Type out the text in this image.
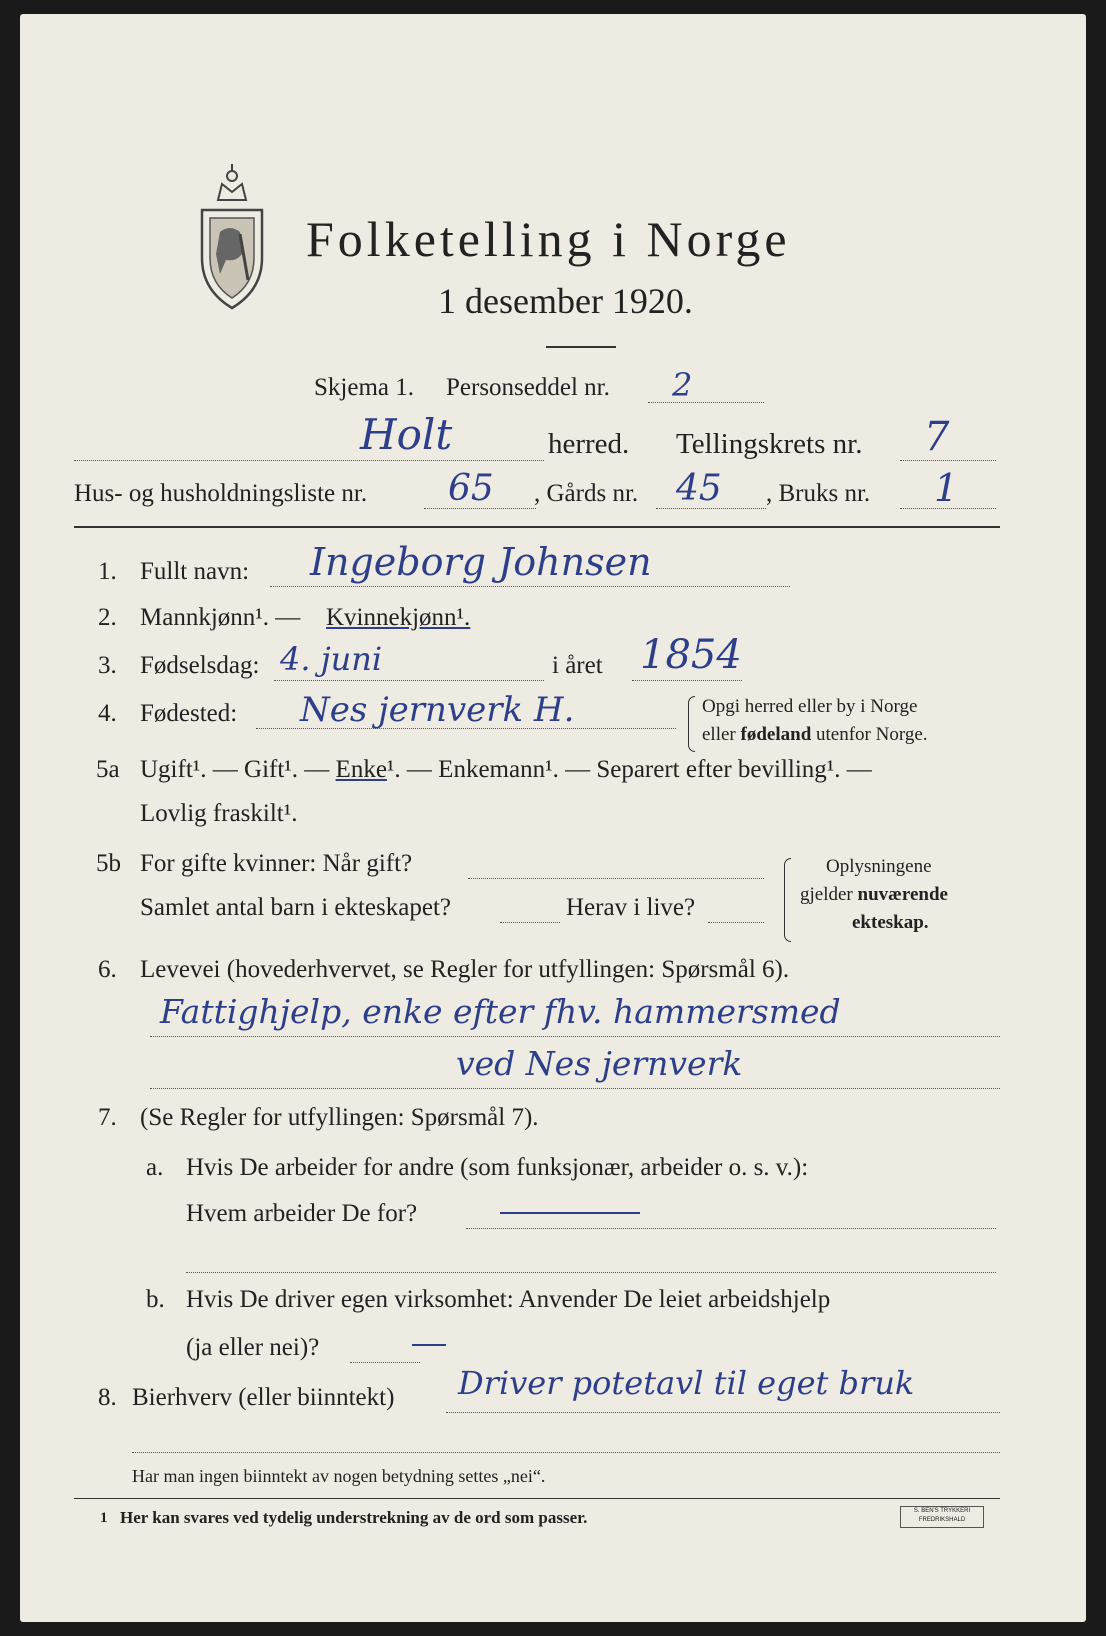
Folketelling i Norge
1 desember 1920.
Skjema 1. Personseddel nr. 2
Holt	herred. Tellingskrets nr. 7
Hus- og husholdningsliste nr. 65 , Gårds nr. 45 , Bruks nr. 1
1. Fullt navn: Ingeborg Johnsen
2. Mannkjønn¹. — Kvinnekjønn¹.
3. Fødselsdag: 4. juni	i året 1854
4. Fødested: Nes jernverk H.	Opgi herred eller by i Norge
eller fødeland utenfor Norge.
5a Ugift¹. — Gift¹. — Enke¹. — Enkemann¹. — Separert efter bevilling¹. —
Lovlig fraskilt¹.
5b For gifte kvinner: Når gift?
Samlet antal barn i ekteskapet?	Herav i live?
Oplysningene
gjelder nuværende
ekteskap.
6. Levevei (hovederhvervet, se Regler for utfyllingen: Spørsmål 6).
Fattighjelp, enke efter fhv. hammersmed
ved Nes jernverk
7. (Se Regler for utfyllingen: Spørsmål 7).
a. Hvis De arbeider for andre (som funksjonær, arbeider o. s. v.):
Hvem arbeider De for?
b. Hvis De driver egen virksomhet: Anvender De leiet arbeidshjelp
(ja eller nei)?
8. Bierhverv (eller biinntekt) Driver potetavl til eget bruk
Har man ingen biinntekt av nogen betydning settes „nei“.
1 Her kan svares ved tydelig understrekning av de ord som passer.	S. BEN'S TRYKKERI FREDRIKSHALD
